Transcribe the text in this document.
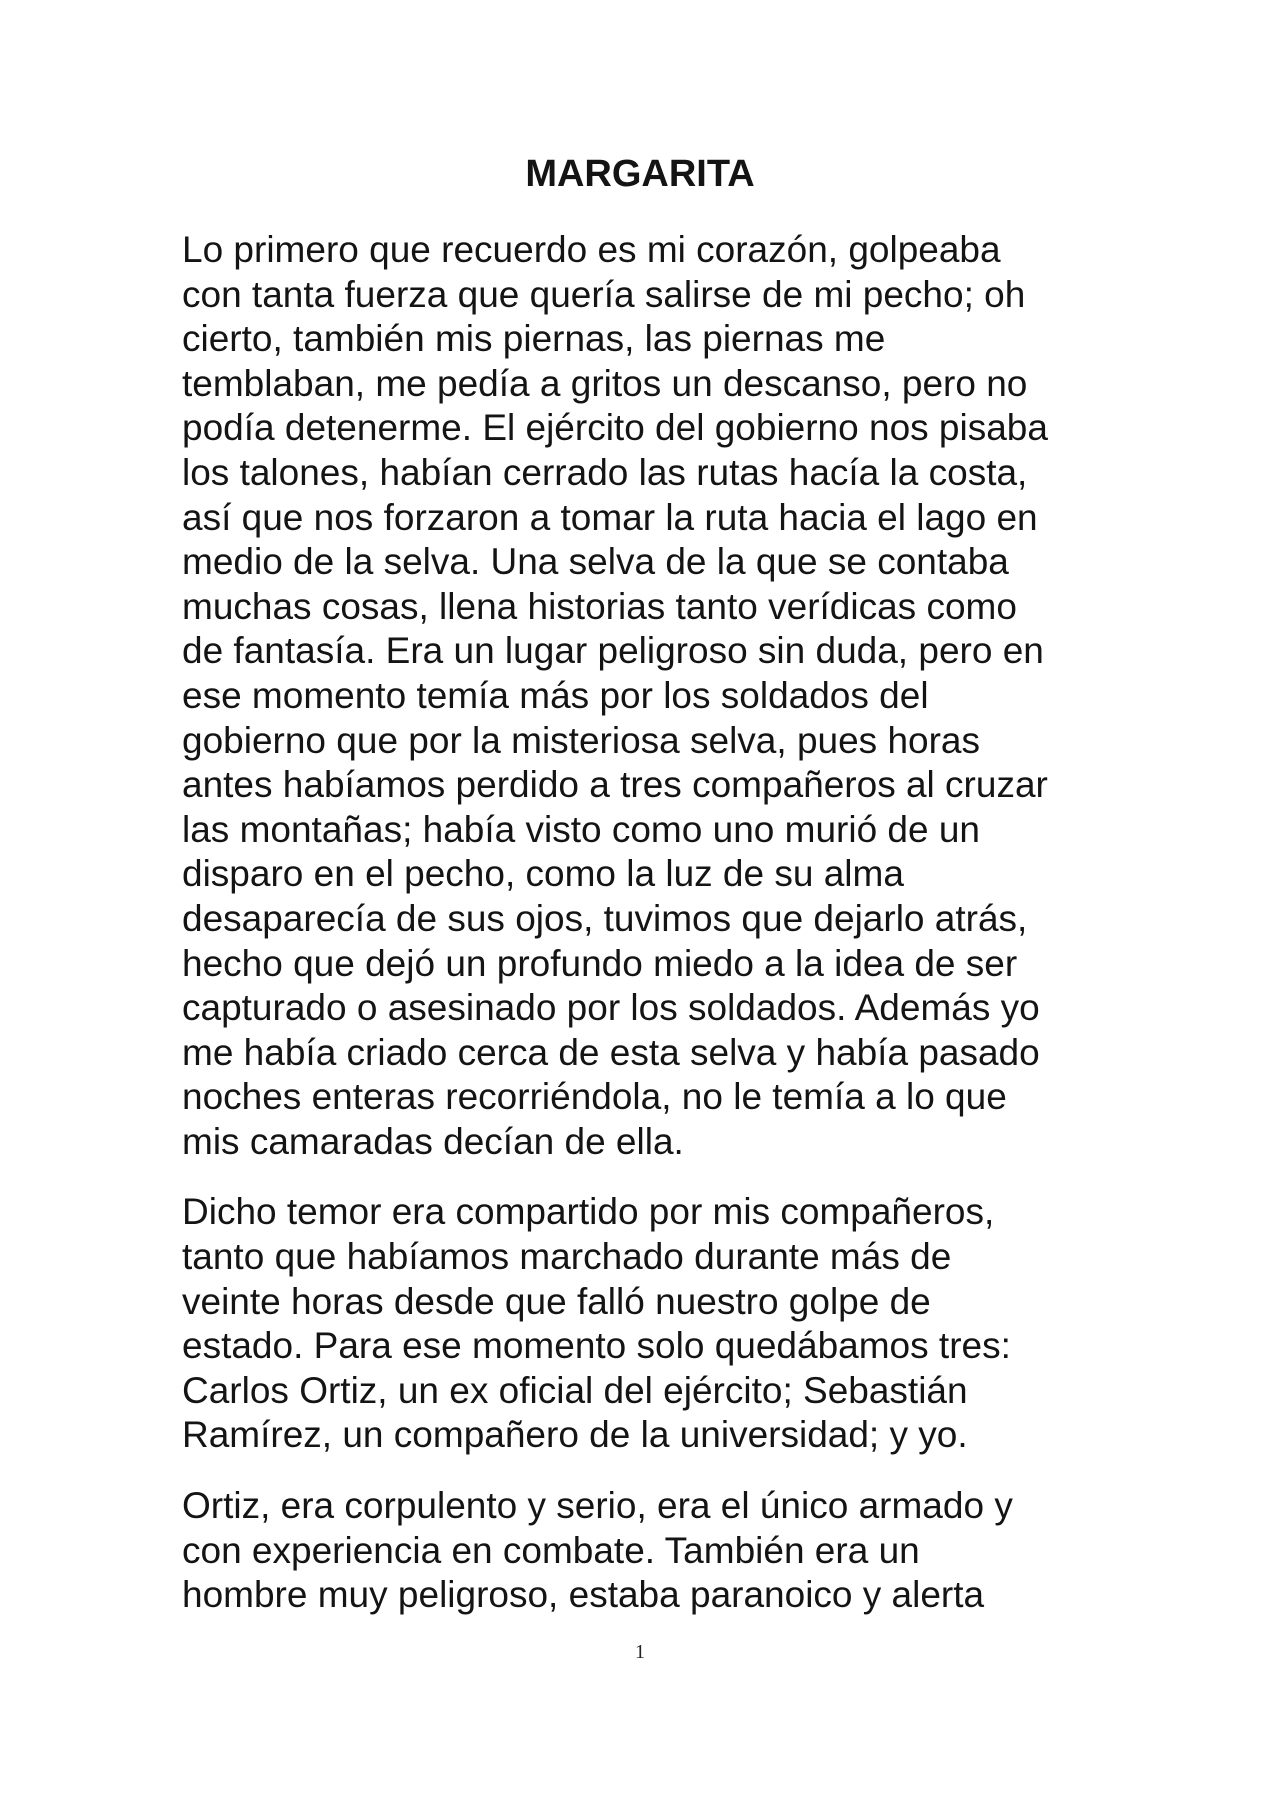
MARGARITA

Lo primero que recuerdo es mi corazón, golpeaba
con tanta fuerza que quería salirse de mi pecho; oh
cierto, también mis piernas, las piernas me
temblaban, me pedía a gritos un descanso, pero no
podía detenerme. El ejército del gobierno nos pisaba
los talones, habían cerrado las rutas hacía la costa,
así que nos forzaron a tomar la ruta hacia el lago en
medio de la selva. Una selva de la que se contaba
muchas cosas, llena historias tanto verídicas como
de fantasía. Era un lugar peligroso sin duda, pero en
ese momento temía más por los soldados del
gobierno que por la misteriosa selva, pues horas
antes habíamos perdido a tres compañeros al cruzar
las montañas; había visto como uno murió de un
disparo en el pecho, como la luz de su alma
desaparecía de sus ojos, tuvimos que dejarlo atrás,
hecho que dejó un profundo miedo a la idea de ser
capturado o asesinado por los soldados. Además yo
me había criado cerca de esta selva y había pasado
noches enteras recorriéndola, no le temía a lo que
mis camaradas decían de ella.

Dicho temor era compartido por mis compañeros,
tanto que habíamos marchado durante más de
veinte horas desde que falló nuestro golpe de
estado. Para ese momento solo quedábamos tres:
Carlos Ortiz, un ex oficial del ejército; Sebastián
Ramírez, un compañero de la universidad; y yo.

Ortiz, era corpulento y serio, era el único armado y
con experiencia en combate. También era un
hombre muy peligroso, estaba paranoico y alerta

1
